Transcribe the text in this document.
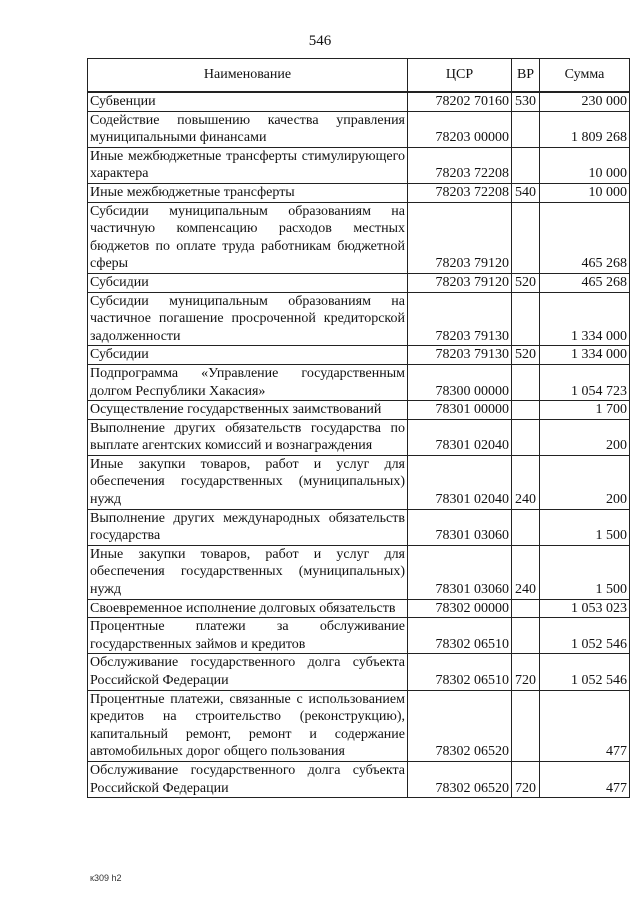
546
Наименование	ЦСР	ВР	Сумма
Субвенции	78202 70160	530	230 000
Содействие повышению качества управления муниципальными финансами	78203 00000		1 809 268
Иные межбюджетные трансферты стимулирующего характера	78203 72208		10 000
Иные межбюджетные трансферты	78203 72208	540	10 000
Субсидии муниципальным образованиям на частичную компенсацию расходов местных бюджетов по оплате труда работникам бюджетной сферы	78203 79120		465 268
Субсидии	78203 79120	520	465 268
Субсидии муниципальным образованиям на частичное погашение просроченной кредиторской задолженности	78203 79130		1 334 000
Субсидии	78203 79130	520	1 334 000
Подпрограмма «Управление государственным долгом Республики Хакасия»	78300 00000		1 054 723
Осуществление государственных заимствований	78301 00000		1 700
Выполнение других обязательств государства по выплате агентских комиссий и вознаграждения	78301 02040		200
Иные закупки товаров, работ и услуг для обеспечения государственных (муниципальных) нужд	78301 02040	240	200
Выполнение других международных обязательств государства	78301 03060		1 500
Иные закупки товаров, работ и услуг для обеспечения государственных (муниципальных) нужд	78301 03060	240	1 500
Своевременное исполнение долговых обязательств	78302 00000		1 053 023
Процентные платежи за обслуживание государственных займов и кредитов	78302 06510		1 052 546
Обслуживание государственного долга субъекта Российской Федерации	78302 06510	720	1 052 546
Процентные платежи, связанные с использованием кредитов на строительство (реконструкцию), капитальный ремонт, ремонт и содержание автомобильных дорог общего пользования	78302 06520		477
Обслуживание государственного долга субъекта Российской Федерации	78302 06520	720	477
к309 h2
